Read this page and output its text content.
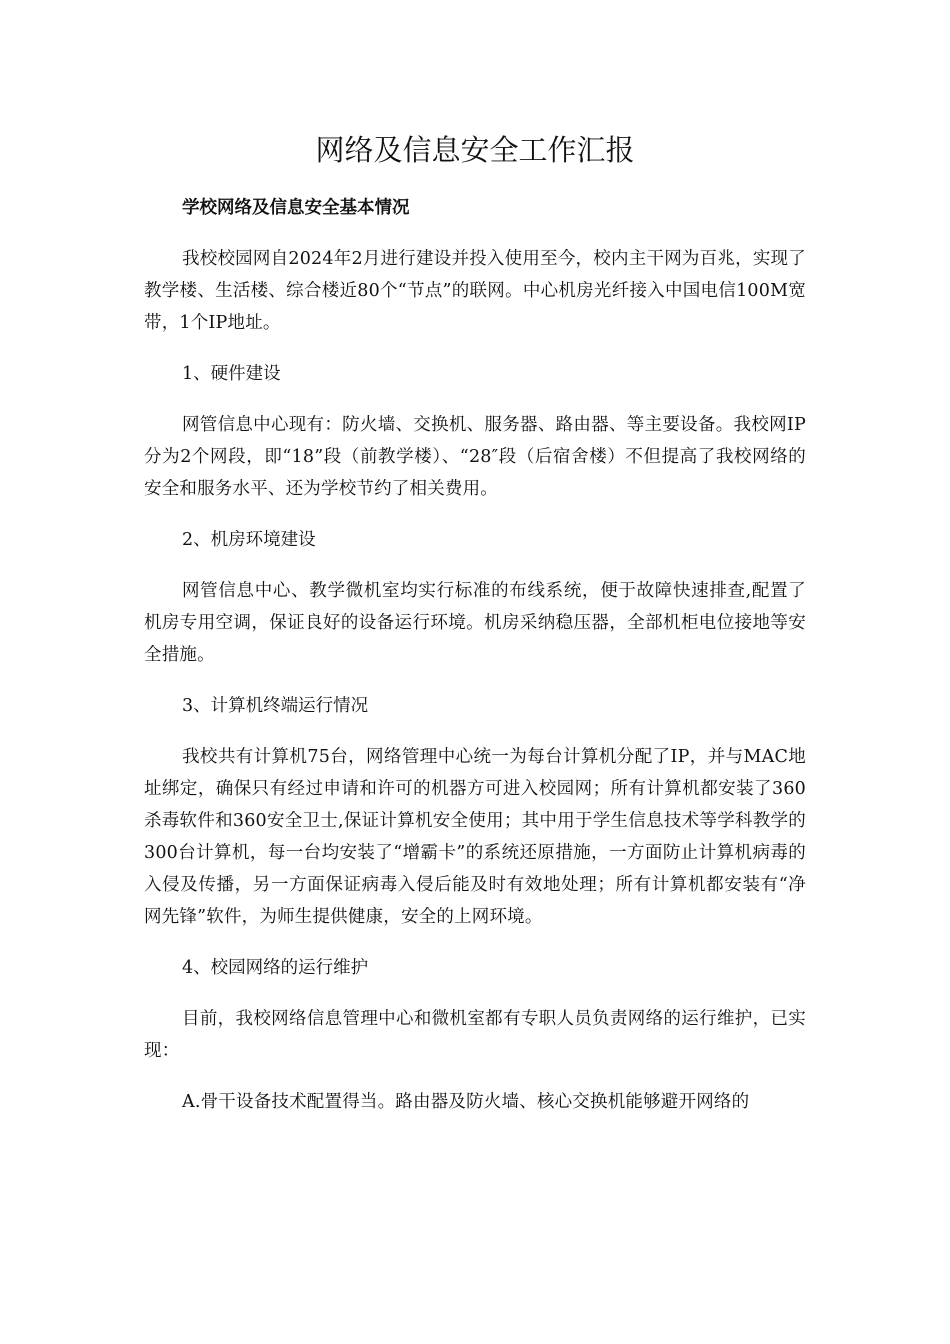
网络及信息安全工作汇报

学校网络及信息安全基本情况

我校校园网自2024年2月进行建设并投入使用至今，校内主干网为百兆，实现了教学楼、生活楼、综合楼近80个“节点”的联网。中心机房光纤接入中国电信100M宽带，1个IP地址。

1、硬件建设

网管信息中心现有：防火墙、交换机、服务器、路由器、等主要设备。我校网IP分为2个网段，即“18”段（前教学楼）、“28″段（后宿舍楼）不但提高了我校网络的安全和服务水平、还为学校节约了相关费用。

2、机房环境建设

网管信息中心、教学微机室均实行标准的布线系统，便于故障快速排查,配置了机房专用空调，保证良好的设备运行环境。机房采纳稳压器，全部机柜电位接地等安全措施。

3、计算机终端运行情况

我校共有计算机75台，网络管理中心统一为每台计算机分配了IP，并与MAC地址绑定，确保只有经过申请和许可的机器方可进入校园网；所有计算机都安装了360杀毒软件和360安全卫士,保证计算机安全使用；其中用于学生信息技术等学科教学的300台计算机，每一台均安装了“增霸卡”的系统还原措施，一方面防止计算机病毒的入侵及传播，另一方面保证病毒入侵后能及时有效地处理；所有计算机都安装有“净网先锋”软件，为师生提供健康，安全的上网环境。

4、校园网络的运行维护

目前，我校网络信息管理中心和微机室都有专职人员负责网络的运行维护，已实现：

A.骨干设备技术配置得当。路由器及防火墙、核心交换机能够避开网络的
